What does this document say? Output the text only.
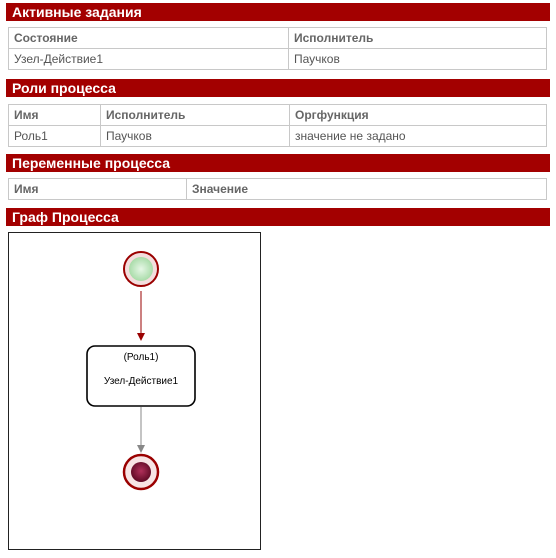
Активные задания
Состояние	Исполнитель
Узел-Действие1	Паучков
Роли процесса
Имя	Исполнитель	Оргфункция
Роль1	Паучков	значение не задано
Переменные процесса
Имя	Значение
Граф Процесса
(Роль1)
Узел-Действие1
